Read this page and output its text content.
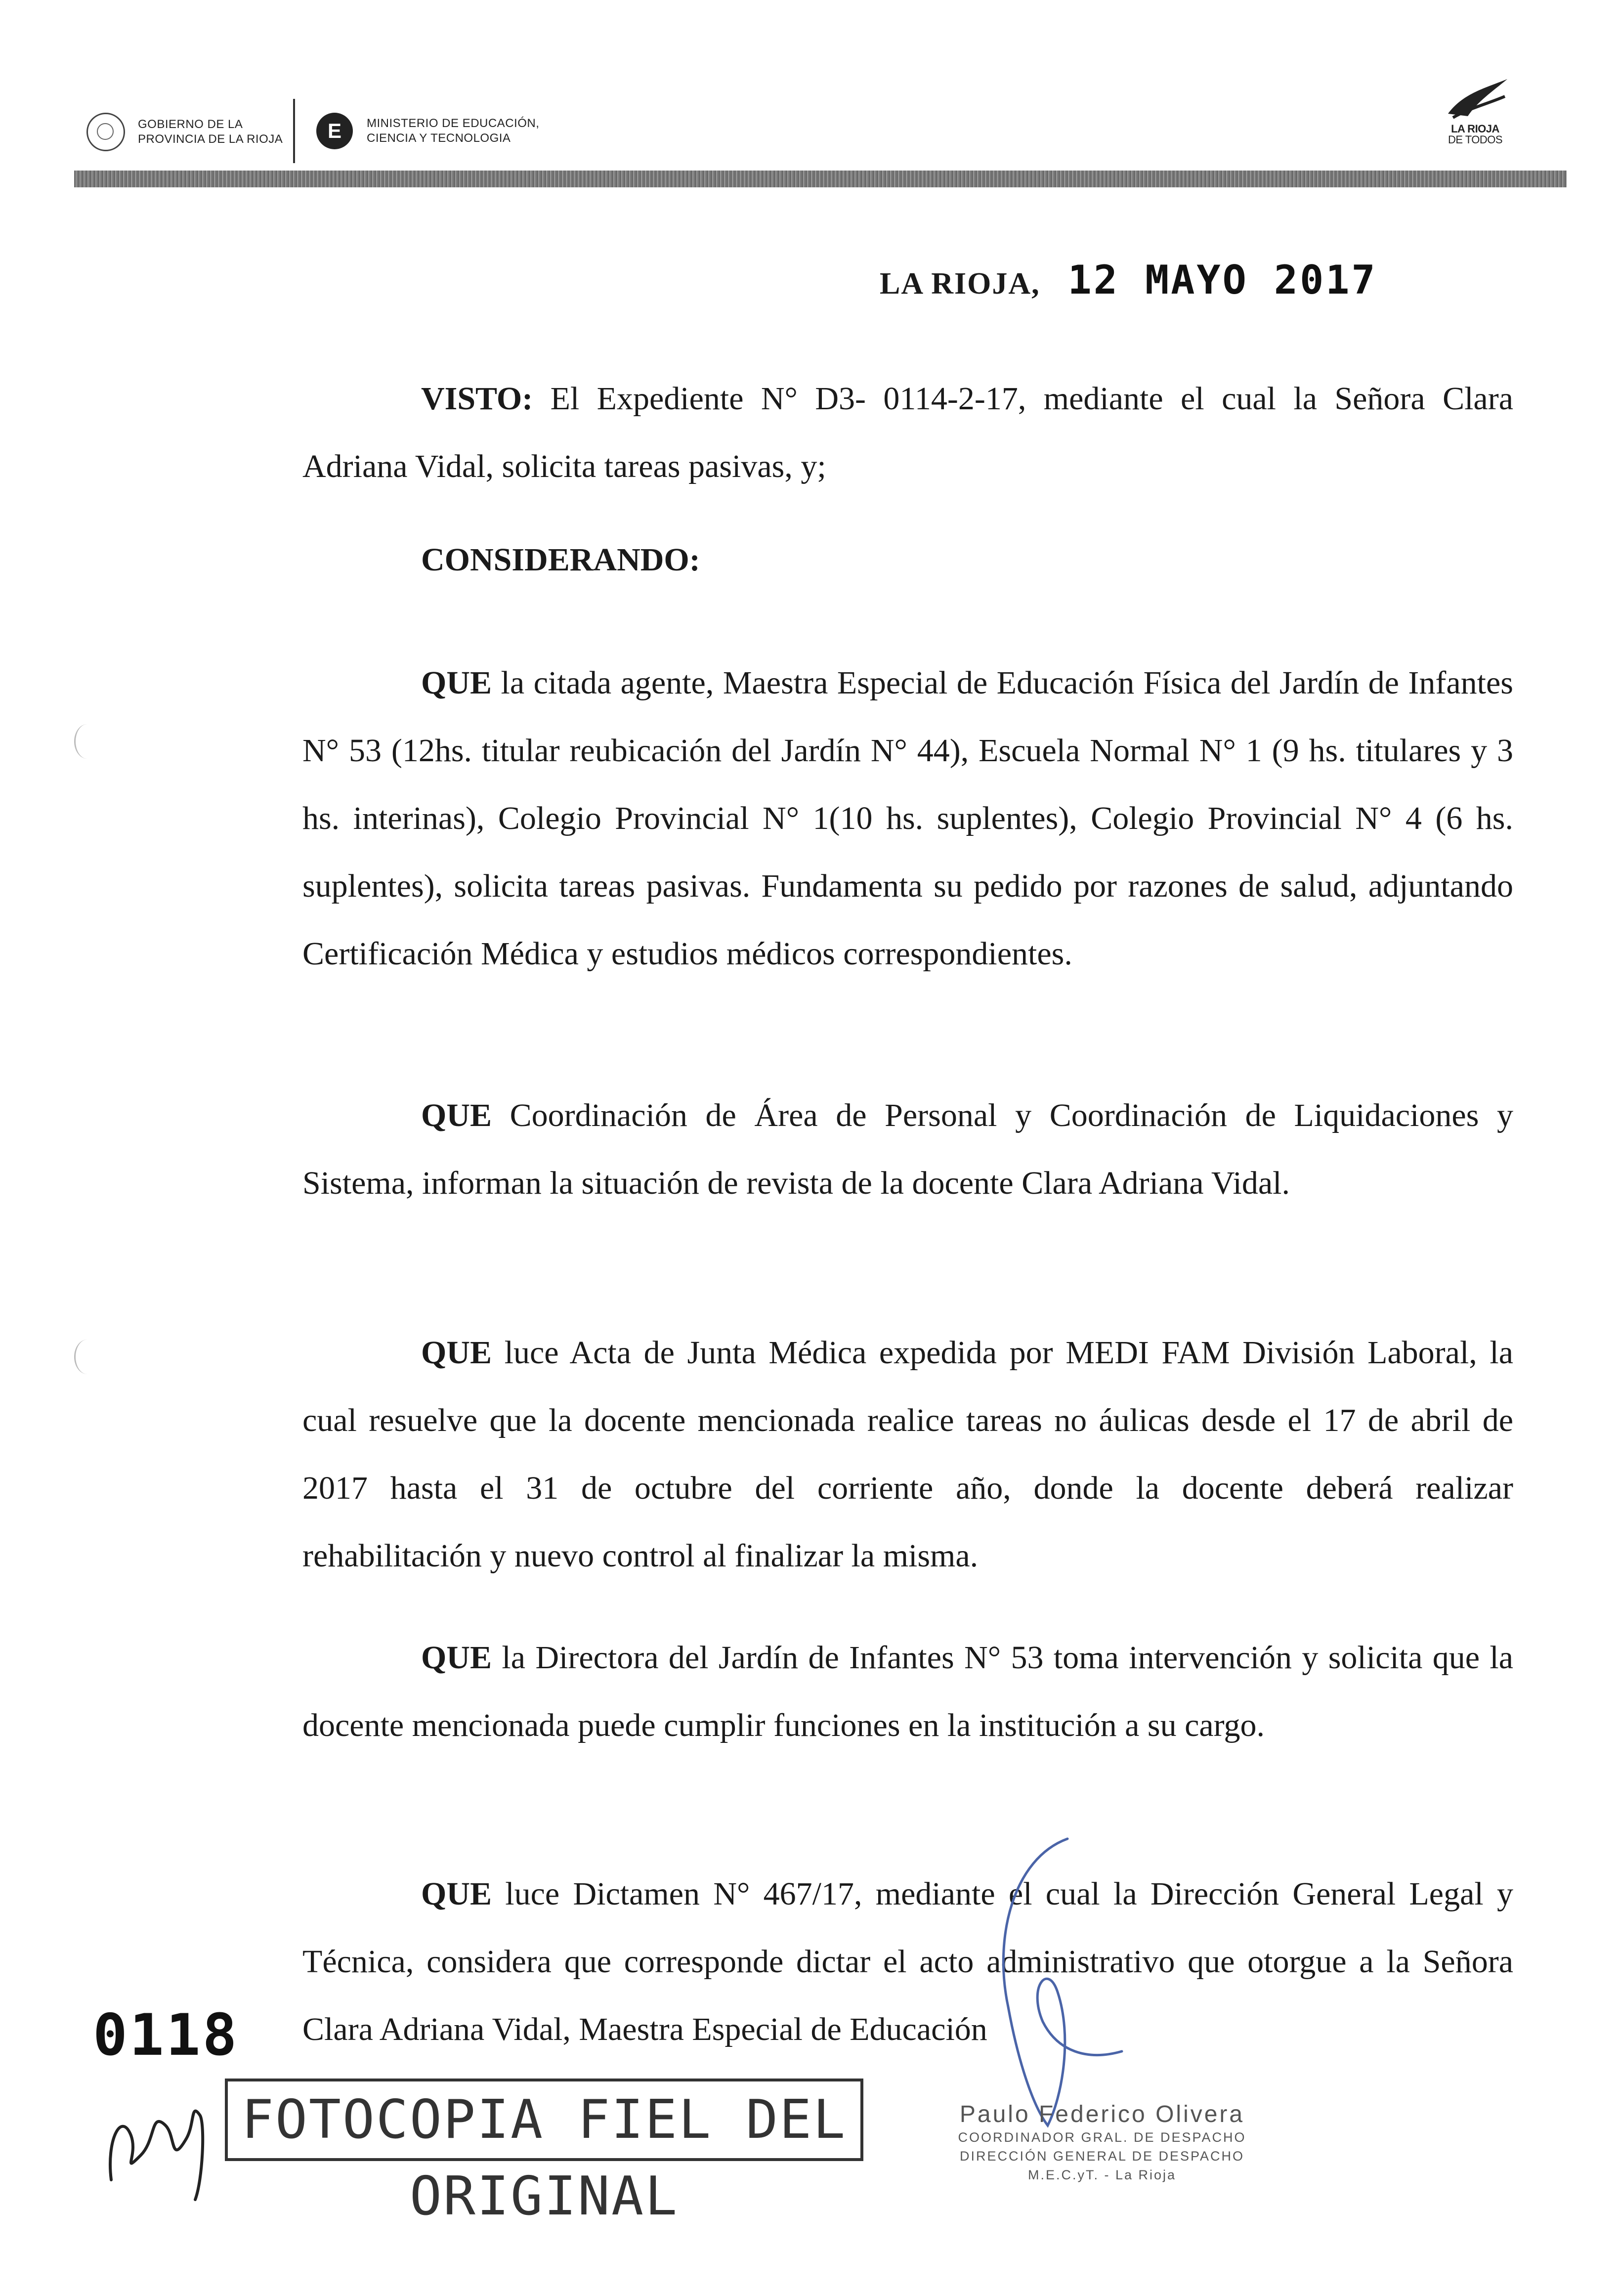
GOBIERNO DE LA
PROVINCIA DE LA RIOJA	E	MINISTERIO DE EDUCACIÓN,
CIENCIA Y TECNOLOGIA
LA RIOJA
DE TODOS
LA RIOJA, 12 MAYO 2017
VISTO: El Expediente N° D3- 0114-2-17, mediante el cual la Señora Clara Adriana Vidal, solicita tareas pasivas, y;
CONSIDERANDO:
QUE la citada agente, Maestra Especial de Educación Física del Jardín de Infantes N° 53 (12hs. titular reubicación del Jardín N° 44), Escuela Normal N° 1 (9 hs. titulares y 3 hs. interinas), Colegio Provincial N° 1(10 hs. suplentes), Colegio Provincial N° 4 (6 hs. suplentes), solicita tareas pasivas. Fundamenta su pedido por razones de salud, adjuntando Certificación Médica y estudios médicos correspondientes.
QUE Coordinación de Área de Personal y Coordinación de Liquidaciones y Sistema, informan la situación de revista de la docente Clara Adriana Vidal.
QUE luce Acta de Junta Médica expedida por MEDI FAM División Laboral, la cual resuelve que la docente mencionada realice tareas no áulicas desde el 17 de abril de 2017 hasta el 31 de octubre del corriente año, donde la docente deberá realizar rehabilitación y nuevo control al finalizar la misma.
QUE la Directora del Jardín de Infantes N° 53 toma intervención y solicita que la docente mencionada puede cumplir funciones en la institución a su cargo.
QUE luce Dictamen N° 467/17, mediante el cual la Dirección General Legal y Técnica, considera que corresponde dictar el acto administrativo que otorgue a la Señora Clara Adriana Vidal, Maestra Especial de Educación
0118
FOTOCOPIA FIEL DEL ORIGINAL
Paulo Federico Olivera
COORDINADOR GRAL. DE DESPACHO
DIRECCIÓN GENERAL DE DESPACHO
M.E.C.yT. - La Rioja
